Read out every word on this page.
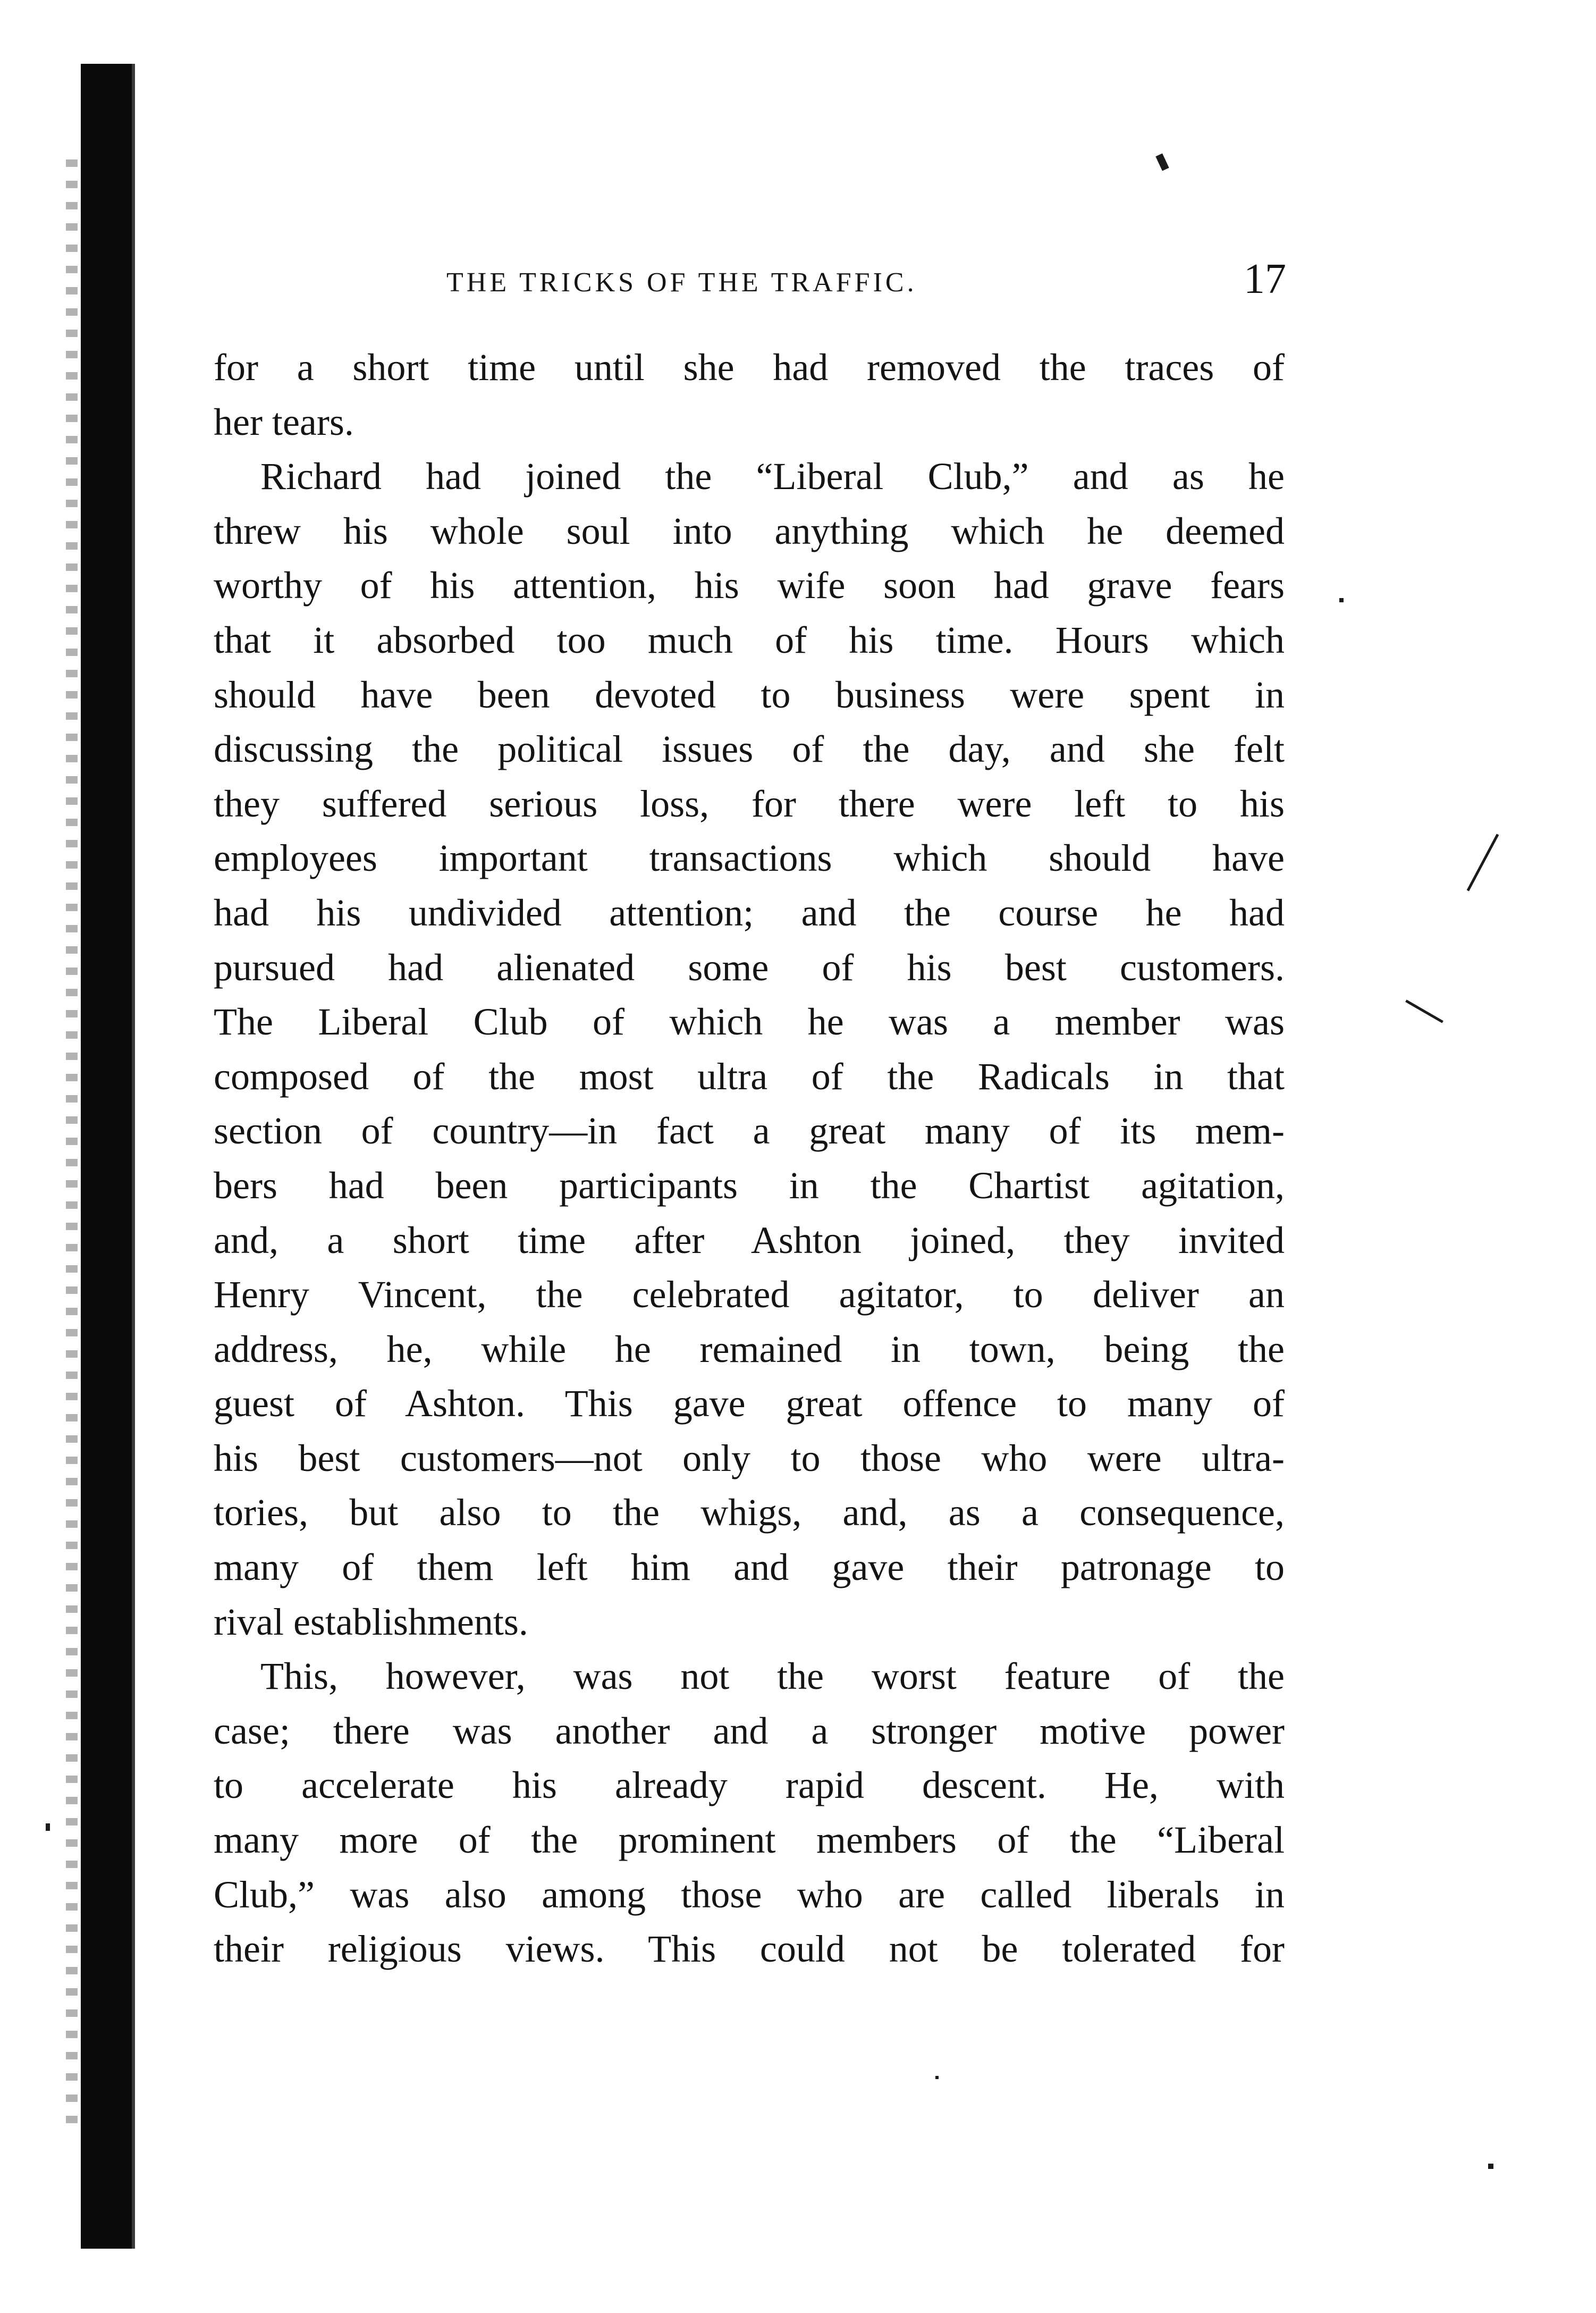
THE TRICKS OF THE TRAFFIC.	17
for a short time until she had removed the traces of
her tears.
Richard had joined the “Liberal Club,” and as he
threw his whole soul into anything which he deemed
worthy of his attention, his wife soon had grave fears
that it absorbed too much of his time. Hours which
should have been devoted to business were spent in
discussing the political issues of the day, and she felt
they suffered serious loss, for there were left to his
employees important transactions which should have
had his undivided attention; and the course he had
pursued had alienated some of his best customers.
The Liberal Club of which he was a member was
composed of the most ultra of the Radicals in that
section of country—in fact a great many of its mem-
bers had been participants in the Chartist agitation,
and, a short time after Ashton joined, they invited
Henry Vincent, the celebrated agitator, to deliver an
address, he, while he remained in town, being the
guest of Ashton. This gave great offence to many of
his best customers—not only to those who were ultra-
tories, but also to the whigs, and, as a consequence,
many of them left him and gave their patronage to
rival establishments.
This, however, was not the worst feature of the
case; there was another and a stronger motive power
to accelerate his already rapid descent. He, with
many more of the prominent members of the “Liberal
Club,” was also among those who are called liberals in
their religious views. This could not be tolerated for
